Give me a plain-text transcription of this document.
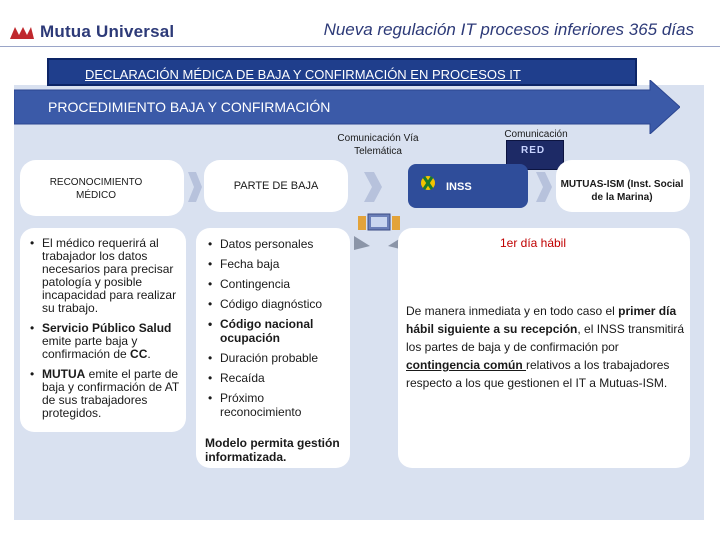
Mutua Universal	Nueva regulación IT procesos inferiores 365 días
PROCEDIMIENTO BAJA Y CONFIRMACIÓN
DECLARACIÓN MÉDICA DE BAJA Y CONFIRMACIÓN EN PROCESOS IT
Comunicación Vía Telemática
Comunicación
RED
RECONOCIMIENTO MÉDICO
PARTE DE BAJA	INSS	MUTUAS-ISM (Inst. Social de la Marina)
• El médico requerirá al trabajador los datos necesarios para precisar patología y posible incapacidad para realizar su trabajo.
• Servicio Público Salud emite parte baja y confirmación de CC.
• MUTUA emite el parte de baja y confirmación de AT de sus trabajadores protegidos.
• Datos personales
• Fecha baja
• Contingencia
• Código diagnóstico
• Código nacional ocupación
• Duración probable
• Recaída
• Próximo reconocimiento
Modelo permita gestión informatizada.
1er día hábil
De manera inmediata y en todo caso el primer día hábil siguiente a su recepción, el INSS transmitirá los partes de baja y de confirmación por contingencia común relativos a los trabajadores respecto a los que gestionen el IT a Mutuas-ISM.
